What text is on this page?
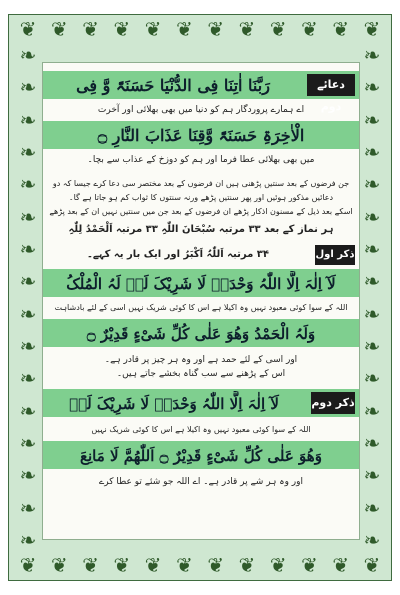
❦ ❦ ❦ ❦ ❦ ❦ ❦ ❦ ❦ ❦ ❦ ❦
❦ ❦ ❦ ❦ ❦ ❦ ❦ ❦ ❦ ❦ ❦ ❦
❧
❧
❧
❧
❧
❧
❧
❧
❧
❧
❧
❧
❧
❧
❧
❧
❧
❧
❧
❧
❧
❧
❧
❧
❧
❧
❧
❧
❧
❧
❧
❧
دعائے دوم
رَبَّنَا اٰتِنَا فِی الدُّنْیَا حَسَنَۃً وَّ فِی
اے ہمارے پروردگار ہم کو دنیا میں بھی بھلائی اور آخرت
الْاٰخِرَۃِ حَسَنَۃً وَّقِنَا عَذَابَ النَّارِ ۝
میں بھی بھلائی عطا فرما اور ہم کو دوزخ کے عذاب سے بچا۔
جن فرضوں کے بعد سنتیں پڑھنی ہیں ان فرضوں کے بعد مختصر سی دعا کرے جیسا کہ دو
دعائیں مذکور ہوئیں اور پھر سنتیں پڑھے ورنہ سنتوں کا ثواب کم ہو جاتا ہے گا۔
اسکے بعد ذیل کے مسنون اذکار پڑھے ان فرضوں کے بعد جن میں سنتیں نہیں ان کے بعد پڑھے
ہر نماز کے بعد ۳۳ مرتبہ سُبْحَانَ اللّٰہِ ۳۳ مرتبہ اَلْحَمْدُ لِلّٰہِ
ذکر اول
۳۴ مرتبہ اَللّٰہُ اَکْبَرُ اور ایک بار یہ کہے۔
لَآ اِلٰہَ اِلَّا اللّٰہُ وَحْدَہٗ لَا شَرِیْکَ لَہٗ لَہُ الْمُلْکُ
اللہ کے سوا کوئی معبود نہیں وہ اکیلا ہے اس کا کوئی شریک نہیں اسی کے لئے بادشاہت
وَلَہُ الْحَمْدُ وَھُوَ عَلٰی کُلِّ شَیْءٍ قَدِیْرٌ ۝
اور اسی کے لئے حمد ہے اور وہ ہر چیز پر قادر ہے۔
اس کے پڑھنے سے سب گناہ بخشے جاتے ہیں۔
ذکر دوم
لَآ اِلٰہَ اِلَّا اللّٰہُ وَحْدَہٗ لَا شَرِیْکَ لَہٗ
اللہ کے سوا کوئی معبود نہیں وہ اکیلا ہے اس کا کوئی شریک نہیں
وَھُوَ عَلٰی کُلِّ شَیْءٍ قَدِیْرٌ ۝ اَللّٰھُمَّ لَا مَانِعَ
اور وہ ہر شے پر قادر ہے۔ اے اللہ جو شئے تو عطا کرے
